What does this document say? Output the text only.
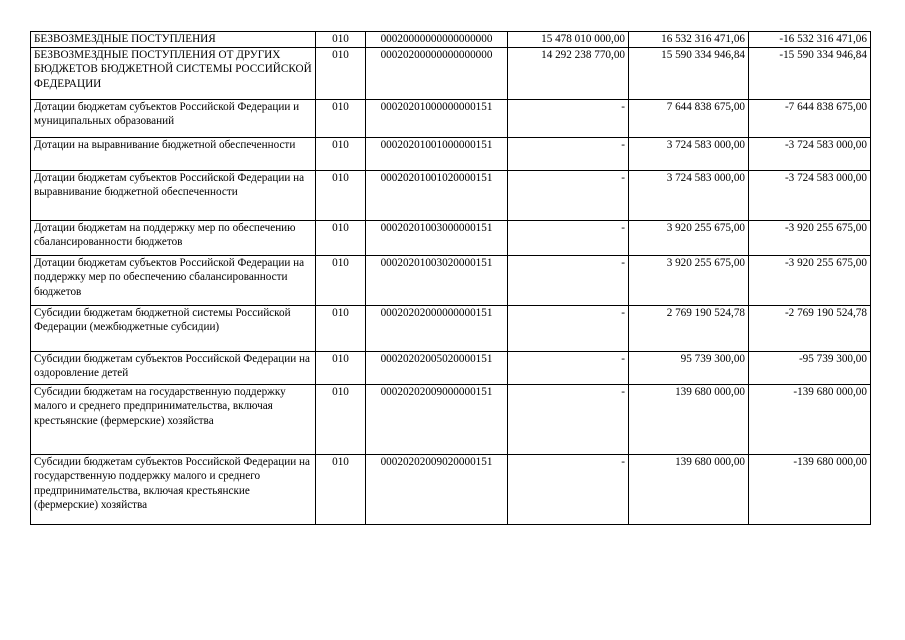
БЕЗВОЗМЕЗДНЫЕ ПОСТУПЛЕНИЯ	010	00020000000000000000	15 478 010 000,00	16 532 316 471,06	-16 532 316 471,06
БЕЗВОЗМЕЗДНЫЕ ПОСТУПЛЕНИЯ ОТ ДРУГИХ БЮДЖЕТОВ БЮДЖЕТНОЙ СИСТЕМЫ РОССИЙСКОЙ ФЕДЕРАЦИИ	010	00020200000000000000	14 292 238 770,00	15 590 334 946,84	-15 590 334 946,84
Дотации бюджетам субъектов Российской Федерации и муниципальных образований	010	00020201000000000151	-	7 644 838 675,00	-7 644 838 675,00
Дотации на выравнивание бюджетной обеспеченности	010	00020201001000000151	-	3 724 583 000,00	-3 724 583 000,00
Дотации бюджетам субъектов Российской Федерации на выравнивание бюджетной обеспеченности	010	00020201001020000151	-	3 724 583 000,00	-3 724 583 000,00
Дотации бюджетам на поддержку мер по обеспечению сбалансированности бюджетов	010	00020201003000000151	-	3 920 255 675,00	-3 920 255 675,00
Дотации бюджетам субъектов Российской Федерации на поддержку мер по обеспечению сбалансированности бюджетов	010	00020201003020000151	-	3 920 255 675,00	-3 920 255 675,00
Субсидии бюджетам бюджетной системы Российской Федерации (межбюджетные субсидии)	010	00020202000000000151	-	2 769 190 524,78	-2 769 190 524,78
Субсидии бюджетам субъектов Российской Федерации на оздоровление детей	010	00020202005020000151	-	95 739 300,00	-95 739 300,00
Субсидии бюджетам на государственную поддержку малого и среднего предпринимательства, включая крестьянские (фермерские) хозяйства	010	00020202009000000151	-	139 680 000,00	-139 680 000,00
Субсидии бюджетам субъектов Российской Федерации на государственную поддержку малого и среднего предпринимательства, включая крестьянские (фермерские) хозяйства	010	00020202009020000151	-	139 680 000,00	-139 680 000,00
